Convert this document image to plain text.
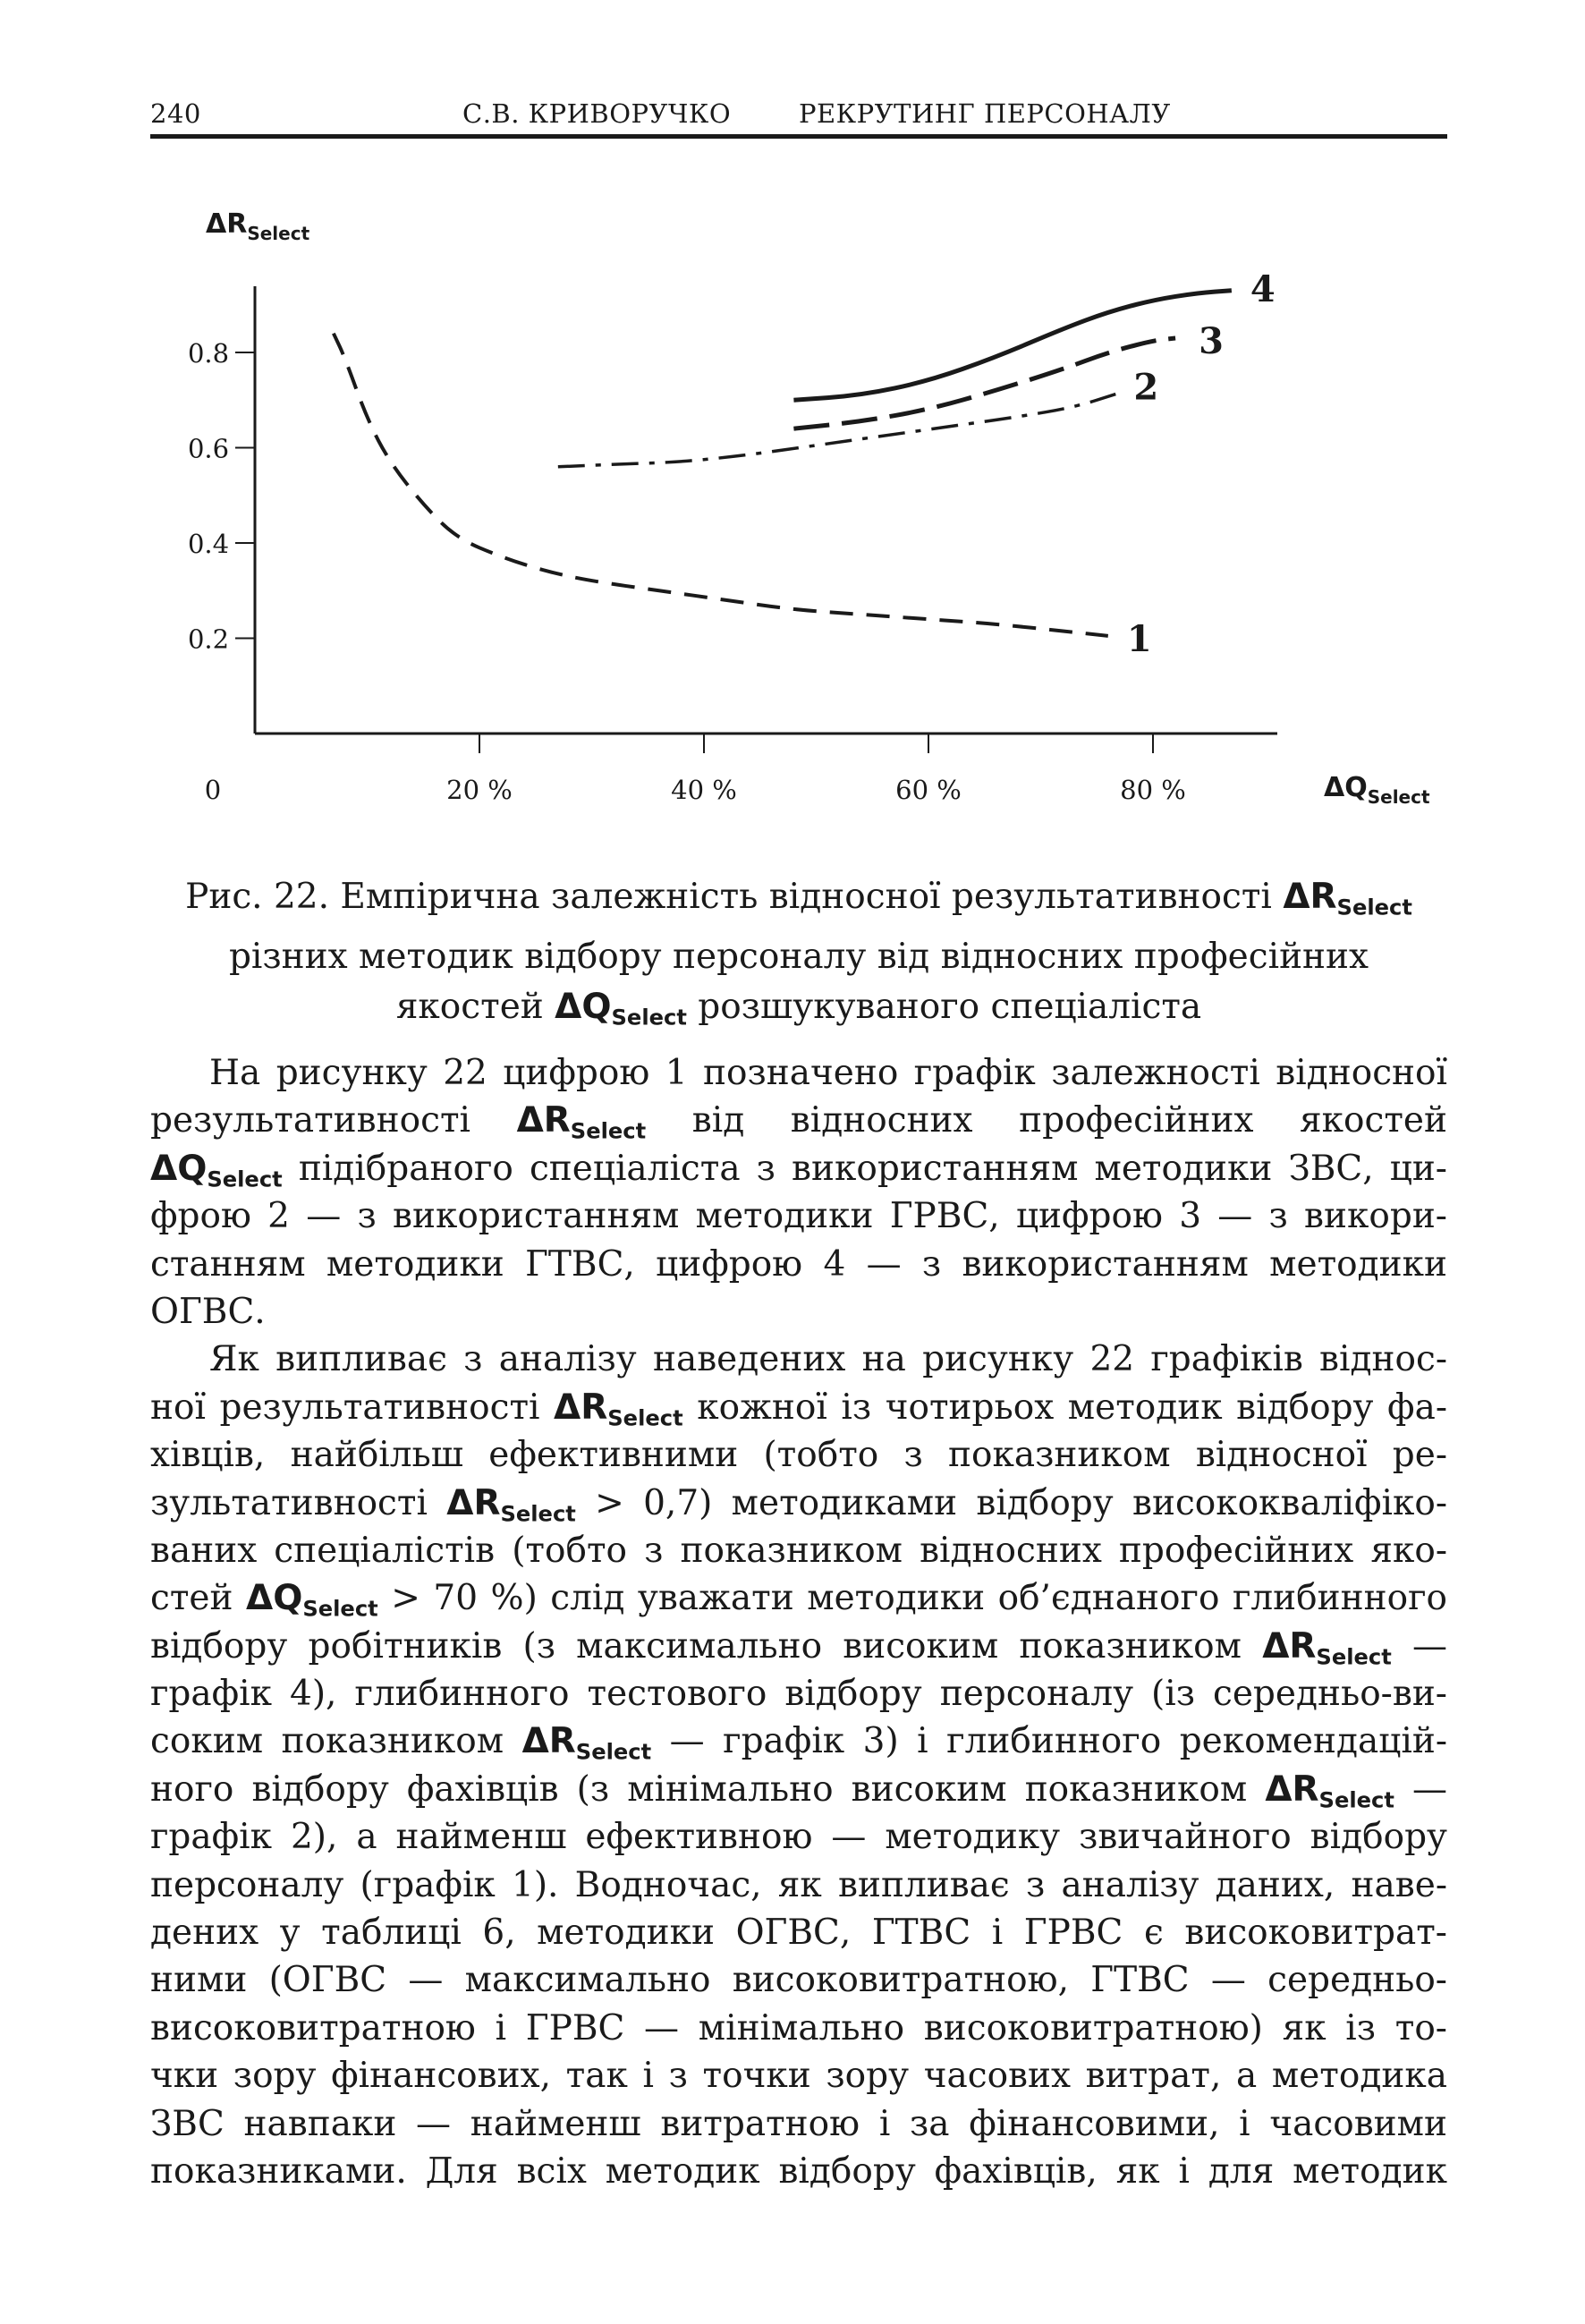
240	С.В. КРИВОРУЧКО	РЕКРУТИНГ ПЕРСОНАЛУ
0.2
0.4
0.6
0.8
20 %	40 %	60 %	80 %
0
$\Delta R_{Select}$
$\Delta Q_{Select}$
1
2
3
4
Рис. 22. Емпірична залежність відносної результативності $\Delta R_{Select}$
різних методик відбору персоналу від відносних професійних
якостей $\Delta Q_{Select}$ розшукуваного спеціаліста
На рисунку 22 цифрою 1 позначено графік залежності відносної
результативності $\Delta R_{Select}$ від відносних професійних якостей
$\Delta Q_{Select}$ підібраного спеціаліста з використанням методики ЗВС, ци-
фрою 2 — з використанням методики ГРВС, цифрою 3 — з викори-
станням методики ГТВС, цифрою 4 — з використанням методики
ОГВС.
Як випливає з аналізу наведених на рисунку 22 графіків віднос-
ної результативності $\Delta R_{Select}$ кожної із чотирьох методик відбору фа-
хівців, найбільш ефективними (тобто з показником відносної ре-
зультативності $\Delta R_{Select} > 0,7$) методиками відбору висококваліфіко-
ваних спеціалістів (тобто з показником відносних професійних яко-
стей $\Delta Q_{Select} > 70$ %) слід уважати методики об’єднаного глибинного
відбору робітників (з максимально високим показником $\Delta R_{Select}$ —
графік 4), глибинного тестового відбору персоналу (із середньо-ви-
соким показником $\Delta R_{Select}$ — графік 3) і глибинного рекомендацій-
ного відбору фахівців (з мінімально високим показником $\Delta R_{Select}$ —
графік 2), а найменш ефективною — методику звичайного відбору
персоналу (графік 1). Водночас, як випливає з аналізу даних, наве-
дених у таблиці 6, методики ОГВС, ГТВС і ГРВС є високовитрат-
ними (ОГВС — максимально високовитратною, ГТВС — середньо-
високовитратною і ГРВС — мінімально високовитратною) як із то-
чки зору фінансових, так і з точки зору часових витрат, а методика
ЗВС навпаки — найменш витратною і за фінансовими, і часовими
показниками. Для всіх методик відбору фахівців, як і для методик
